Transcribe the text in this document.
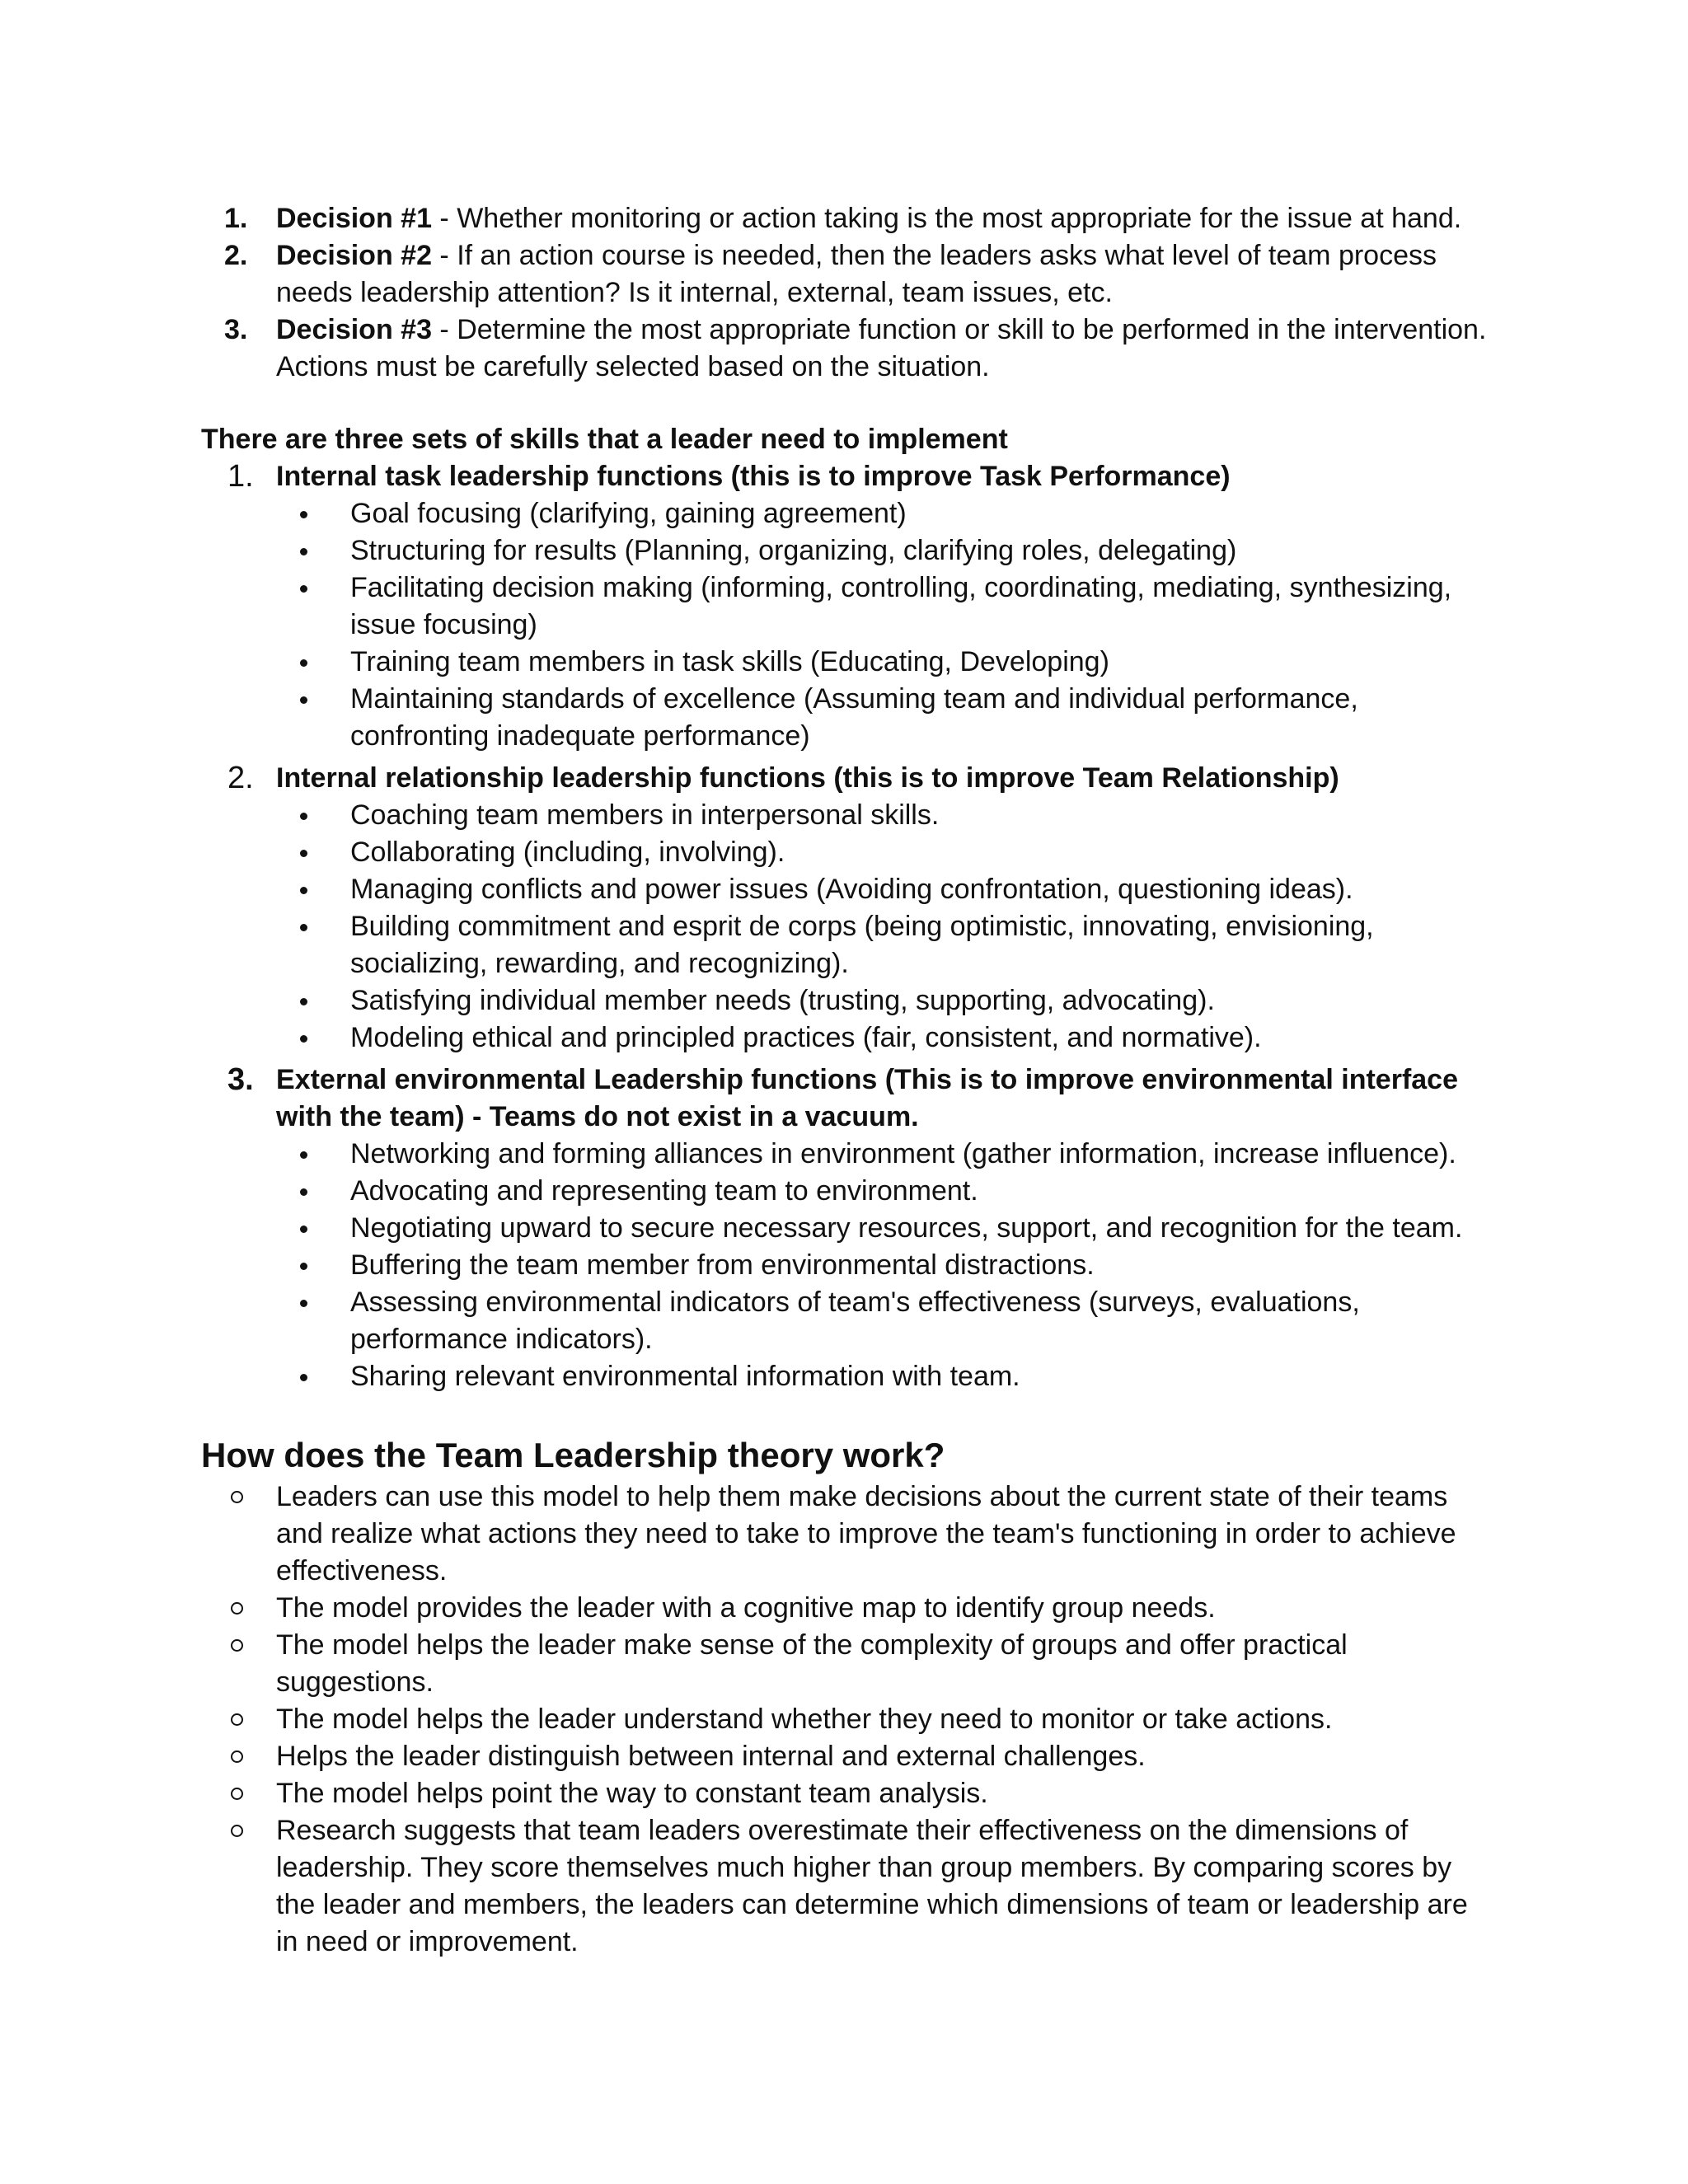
1. Decision #1 - Whether monitoring or action taking is the most appropriate for the issue at hand.
2. Decision #2 - If an action course is needed, then the leaders asks what level of team process needs leadership attention? Is it internal, external, team issues, etc.
3. Decision #3 - Determine the most appropriate function or skill to be performed in the intervention. Actions must be carefully selected based on the situation.
There are three sets of skills that a leader need to implement
1. Internal task leadership functions (this is to improve Task Performance)
Goal focusing (clarifying, gaining agreement)
Structuring for results (Planning, organizing, clarifying roles, delegating)
Facilitating decision making (informing, controlling, coordinating, mediating, synthesizing, issue focusing)
Training team members in task skills (Educating, Developing)
Maintaining standards of excellence (Assuming team and individual performance, confronting inadequate performance)
2. Internal relationship leadership functions (this is to improve Team Relationship)
Coaching team members in interpersonal skills.
Collaborating (including, involving).
Managing conflicts and power issues (Avoiding confrontation, questioning ideas).
Building commitment and esprit de corps (being optimistic, innovating, envisioning, socializing, rewarding, and recognizing).
Satisfying individual member needs (trusting, supporting, advocating).
Modeling ethical and principled practices (fair, consistent, and normative).
3. External environmental Leadership functions (This is to improve environmental interface with the team) - Teams do not exist in a vacuum.
Networking and forming alliances in environment (gather information, increase influence).
Advocating and representing team to environment.
Negotiating upward to secure necessary resources, support, and recognition for the team.
Buffering the team member from environmental distractions.
Assessing environmental indicators of team's effectiveness (surveys, evaluations, performance indicators).
Sharing relevant environmental information with team.
How does the Team Leadership theory work?
Leaders can use this model to help them make decisions about the current state of their teams and realize what actions they need to take to improve the team's functioning in order to achieve effectiveness.
The model provides the leader with a cognitive map to identify group needs.
The model helps the leader make sense of the complexity of groups and offer practical suggestions.
The model helps the leader understand whether they need to monitor or take actions.
Helps the leader distinguish between internal and external challenges.
The model helps point the way to constant team analysis.
Research suggests that team leaders overestimate their effectiveness on the dimensions of leadership. They score themselves much higher than group members. By comparing scores by the leader and members, the leaders can determine which dimensions of team or leadership are in need or improvement.
